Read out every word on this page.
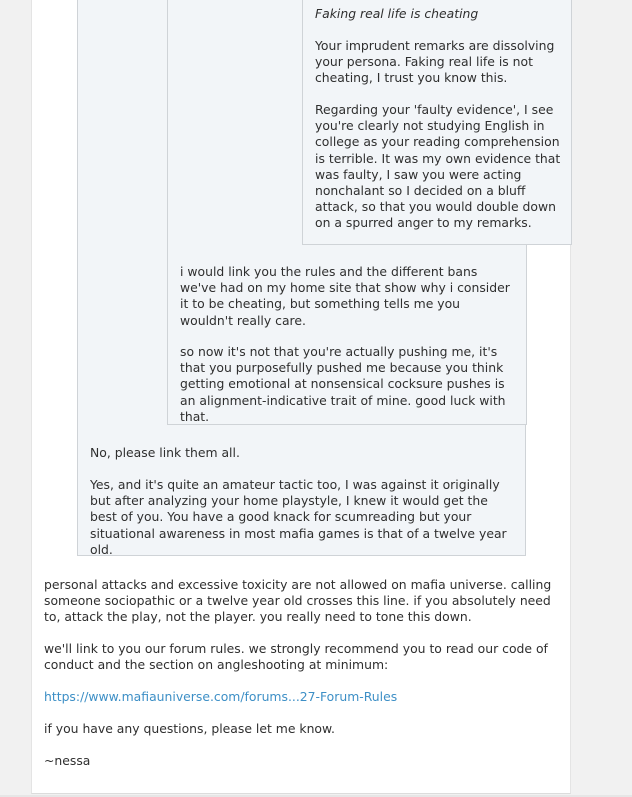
Faking real life is cheating

Your imprudent remarks are dissolving your persona. Faking real life is not cheating, I trust you know this.

Regarding your 'faulty evidence', I see you're clearly not studying English in college as your reading comprehension is terrible. It was my own evidence that was faulty, I saw you were acting nonchalant so I decided on a bluff attack, so that you would double down on a spurred anger to my remarks.

i would link you the rules and the different bans we've had on my home site that show why i consider it to be cheating, but something tells me you wouldn't really care.

so now it's not that you're actually pushing me, it's that you purposefully pushed me because you think getting emotional at nonsensical cocksure pushes is an alignment-indicative trait of mine. good luck with that.

No, please link them all.

Yes, and it's quite an amateur tactic too, I was against it originally but after analyzing your home playstyle, I knew it would get the best of you. You have a good knack for scumreading but your situational awareness in most mafia games is that of a twelve year old.

personal attacks and excessive toxicity are not allowed on mafia universe. calling someone sociopathic or a twelve year old crosses this line. if you absolutely need to, attack the play, not the player. you really need to tone this down.

we'll link to you our forum rules. we strongly recommend you to read our code of conduct and the section on angleshooting at minimum:

https://www.mafiauniverse.com/forums...27-Forum-Rules

if you have any questions, please let me know.

~nessa
